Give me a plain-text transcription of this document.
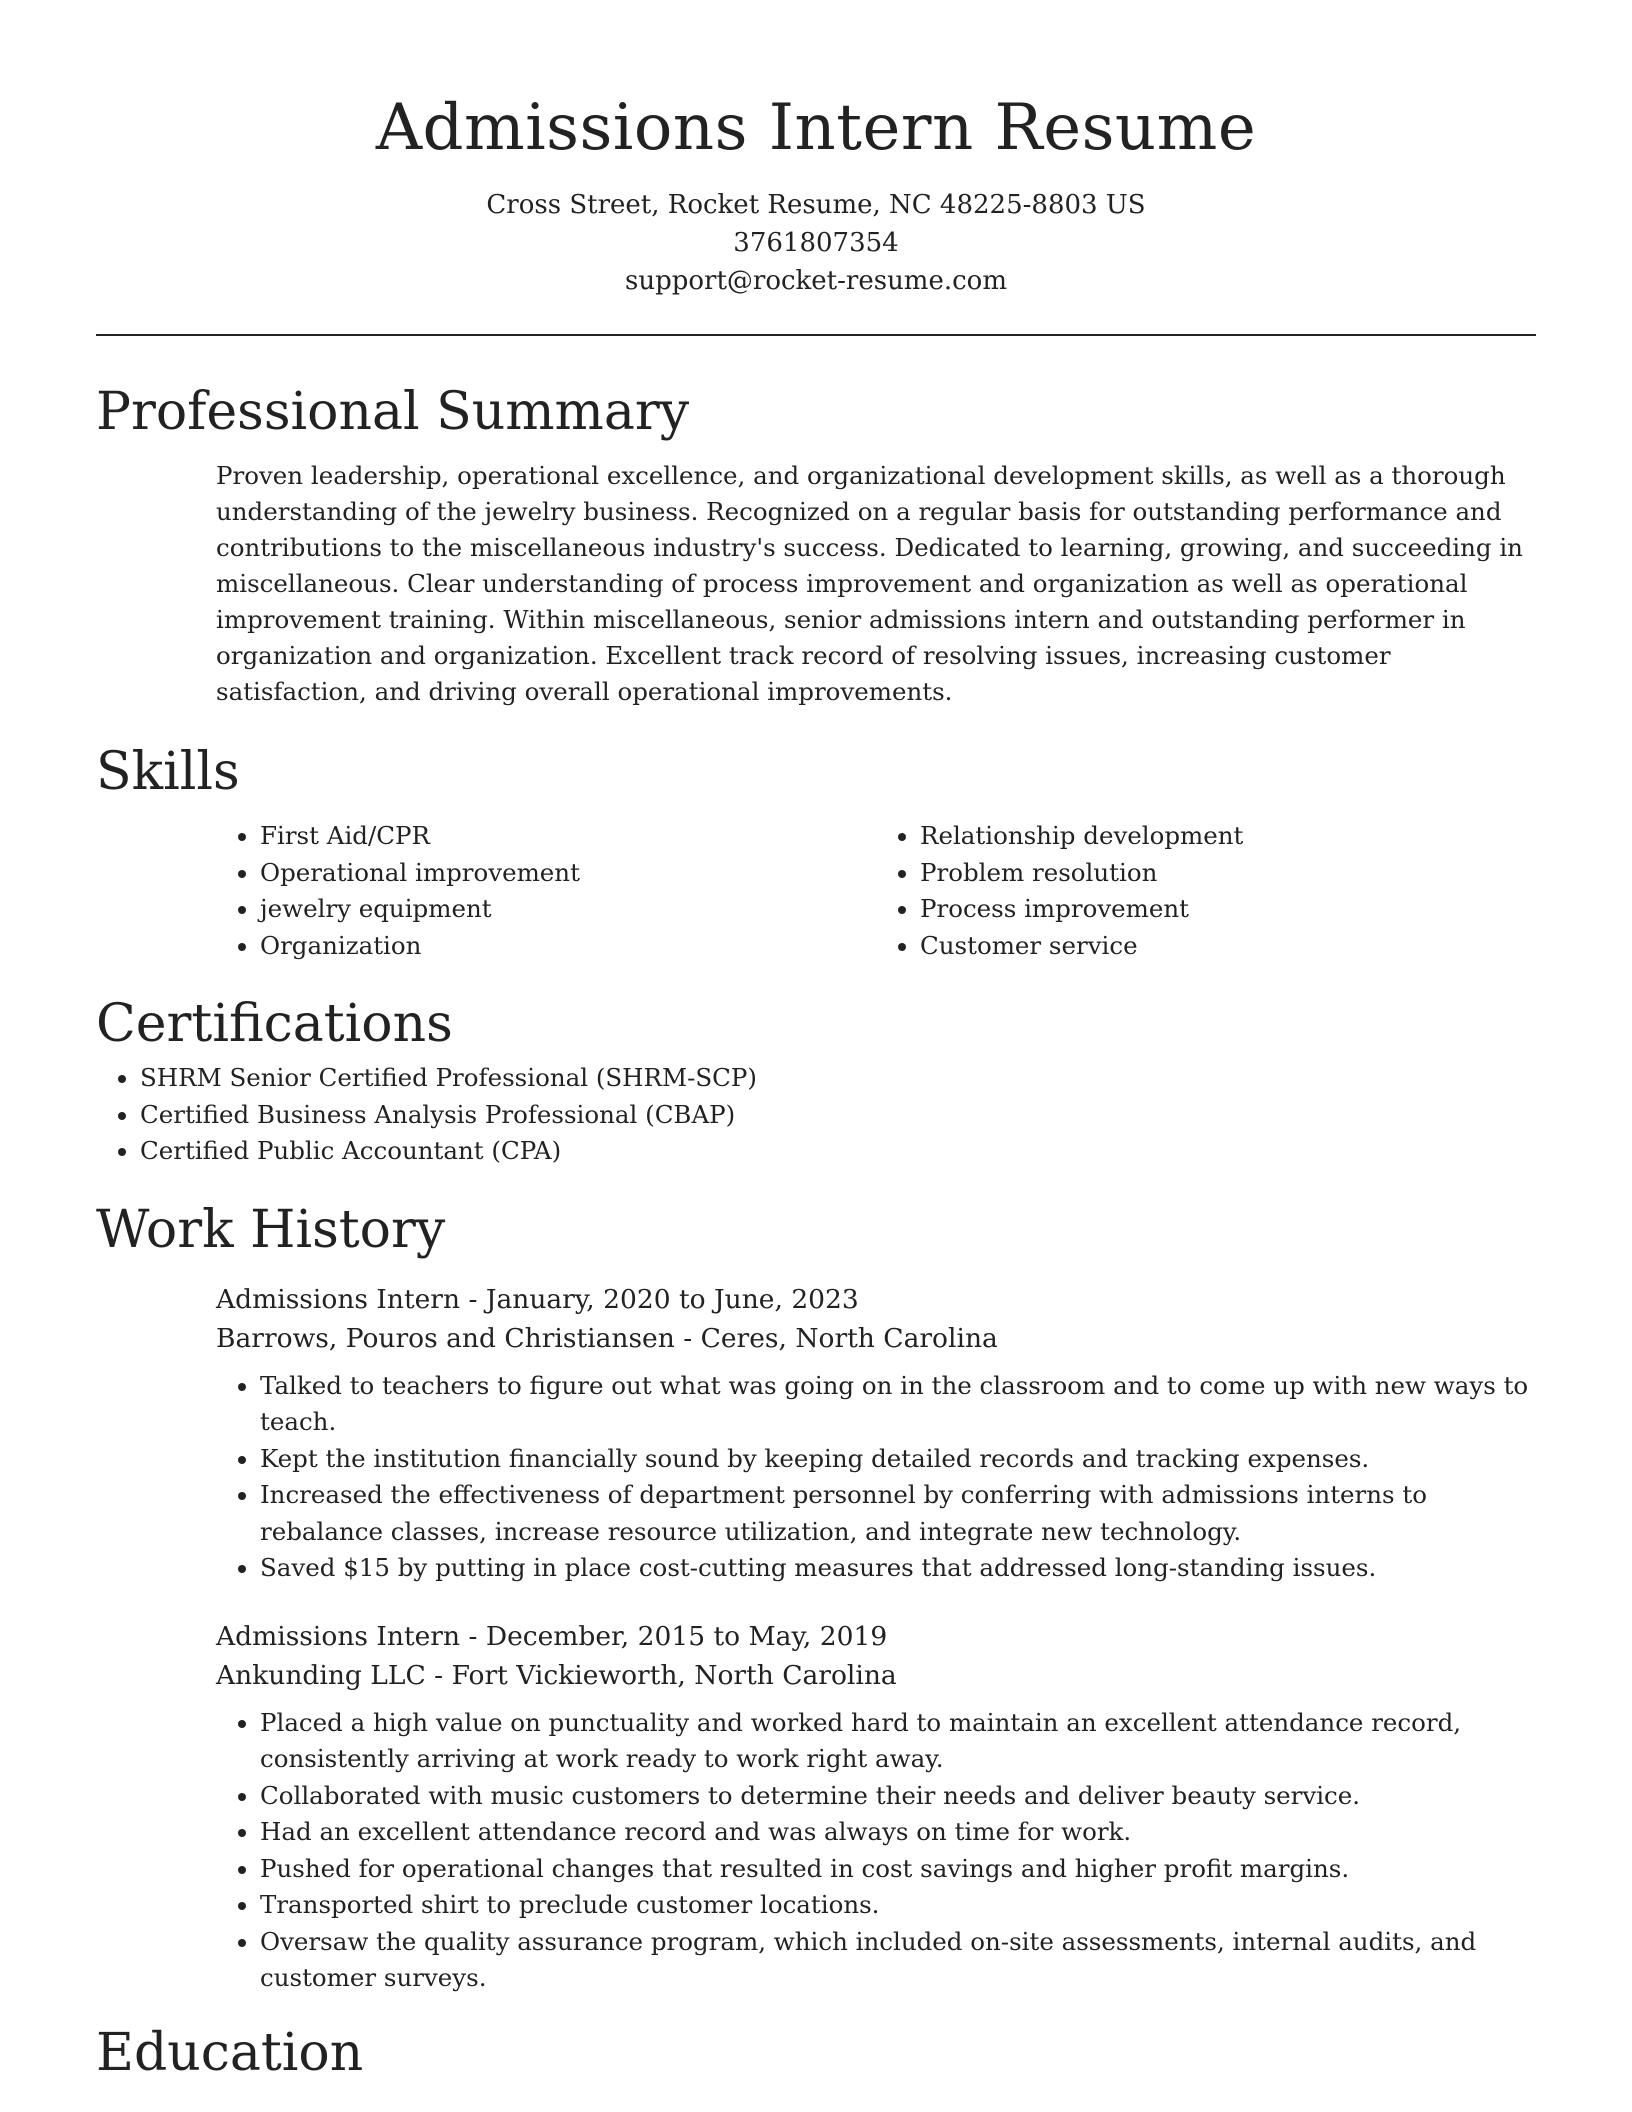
Admissions Intern Resume
Cross Street, Rocket Resume, NC 48225-8803 US
3761807354
support@rocket-resume.com
Professional Summary

Proven leadership, operational excellence, and organizational development skills, as well as a thorough understanding of the jewelry business. Recognized on a regular basis for outstanding performance and contributions to the miscellaneous industry's success. Dedicated to learning, growing, and succeeding in miscellaneous. Clear understanding of process improvement and organization as well as operational improvement training. Within miscellaneous, senior admissions intern and outstanding performer in organization and organization. Excellent track record of resolving issues, increasing customer satisfaction, and driving overall operational improvements.

Skills
• First Aid/CPR
• Operational improvement
• jewelry equipment
• Organization
• Relationship development
• Problem resolution
• Process improvement
• Customer service
Certifications
• SHRM Senior Certified Professional (SHRM-SCP)
• Certified Business Analysis Professional (CBAP)
• Certified Public Accountant (CPA)
Work History
Admissions Intern - January, 2020 to June, 2023
Barrows, Pouros and Christiansen - Ceres, North Carolina
• Talked to teachers to figure out what was going on in the classroom and to come up with new ways to teach.
• Kept the institution financially sound by keeping detailed records and tracking expenses.
• Increased the effectiveness of department personnel by conferring with admissions interns to rebalance classes, increase resource utilization, and integrate new technology.
• Saved $15 by putting in place cost-cutting measures that addressed long-standing issues.
Admissions Intern - December, 2015 to May, 2019
Ankunding LLC - Fort Vickieworth, North Carolina
• Placed a high value on punctuality and worked hard to maintain an excellent attendance record, consistently arriving at work ready to work right away.
• Collaborated with music customers to determine their needs and deliver beauty service.
• Had an excellent attendance record and was always on time for work.
• Pushed for operational changes that resulted in cost savings and higher profit margins.
• Transported shirt to preclude customer locations.
• Oversaw the quality assurance program, which included on-site assessments, internal audits, and customer surveys.
Education
